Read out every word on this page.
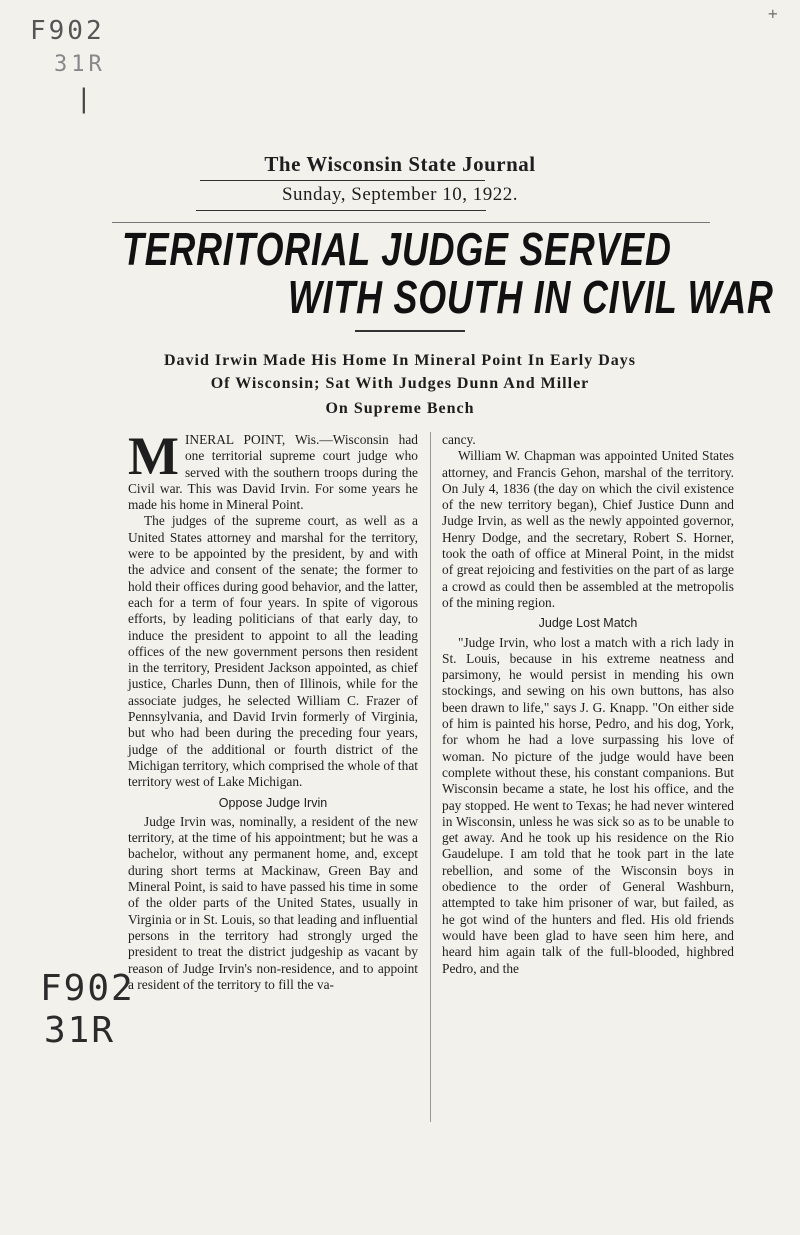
F902
31R
|
+
F902
31R
The Wisconsin State Journal
Sunday, September 10, 1922.
TERRITORIAL JUDGE SERVED
WITH SOUTH IN CIVIL WAR
David Irwin Made His Home In Mineral Point In Early Days
Of Wisconsin; Sat With Judges Dunn And Miller
On Supreme Bench

MINERAL POINT, Wis.—Wisconsin had one territorial supreme court judge who served with the southern troops during the Civil war. This was David Irvin. For some years he made his home in Mineral Point.

The judges of the supreme court, as well as a United States attorney and marshal for the territory, were to be appointed by the president, by and with the advice and consent of the senate; the former to hold their offices during good behavior, and the latter, each for a term of four years. In spite of vigorous efforts, by leading politicians of that early day, to induce the president to appoint to all the leading offices of the new government persons then resident in the territory, President Jackson appointed, as chief justice, Charles Dunn, then of Illinois, while for the associate judges, he selected William C. Frazer of Pennsylvania, and David Irvin formerly of Virginia, but who had been during the preceding four years, judge of the additional or fourth district of the Michigan territory, which comprised the whole of that territory west of Lake Michigan.

Oppose Judge Irvin

Judge Irvin was, nominally, a resident of the new territory, at the time of his appointment; but he was a bachelor, without any permanent home, and, except during short terms at Mackinaw, Green Bay and Mineral Point, is said to have passed his time in some of the older parts of the United States, usually in Virginia or in St. Louis, so that leading and influential persons in the territory had strongly urged the president to treat the district judgeship as vacant by reason of Judge Irvin's non-residence, and to appoint a resident of the territory to fill the va-

cancy.

William W. Chapman was appointed United States attorney, and Francis Gehon, marshal of the territory. On July 4, 1836 (the day on which the civil existence of the new territory began), Chief Justice Dunn and Judge Irvin, as well as the newly appointed governor, Henry Dodge, and the secretary, Robert S. Horner, took the oath of office at Mineral Point, in the midst of great rejoicing and festivities on the part of as large a crowd as could then be assembled at the metropolis of the mining region.

Judge Lost Match

"Judge Irvin, who lost a match with a rich lady in St. Louis, because in his extreme neatness and parsimony, he would persist in mending his own stockings, and sewing on his own buttons, has also been drawn to life," says J. G. Knapp. "On either side of him is painted his horse, Pedro, and his dog, York, for whom he had a love surpassing his love of woman. No picture of the judge would have been complete without these, his constant companions. But Wisconsin became a state, he lost his office, and the pay stopped. He went to Texas; he had never wintered in Wisconsin, unless he was sick so as to be unable to get away. And he took up his residence on the Rio Gaudelupe. I am told that he took part in the late rebellion, and some of the Wisconsin boys in obedience to the order of General Washburn, attempted to take him prisoner of war, but failed, as he got wind of the hunters and fled. His old friends would have been glad to have seen him here, and heard him again talk of the full-blooded, highbred Pedro, and the
